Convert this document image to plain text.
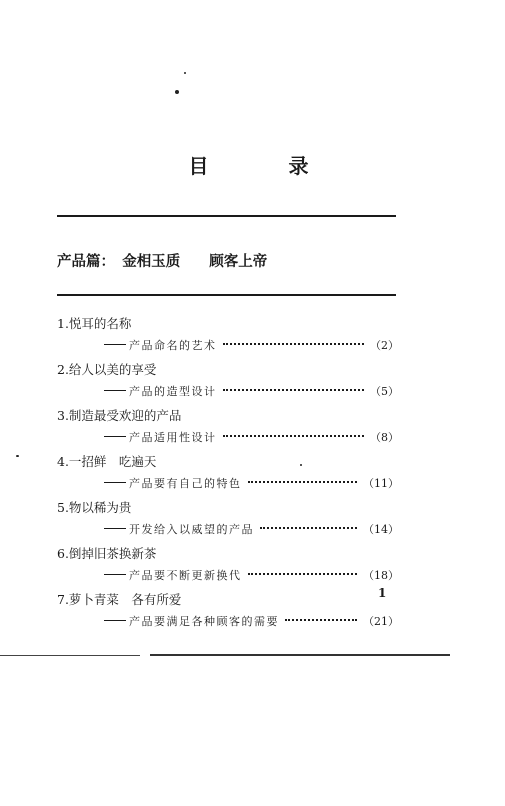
目　录
产品篇：　金相玉质　　顾客上帝
1.悦耳的名称
产品命名的艺术	（2）
2.给人以美的享受
产品的造型设计	（5）
3.制造最受欢迎的产品
产品适用性设计	（8）
4.一招鲜　吃遍天
产品要有自己的特色	（11）
5.物以稀为贵
开发给入以威望的产品	（14）
6.倒掉旧茶换新茶
产品要不断更新换代	（18）
7.萝卜青菜　各有所爱
产品要满足各种顾客的需要	（21）
1
